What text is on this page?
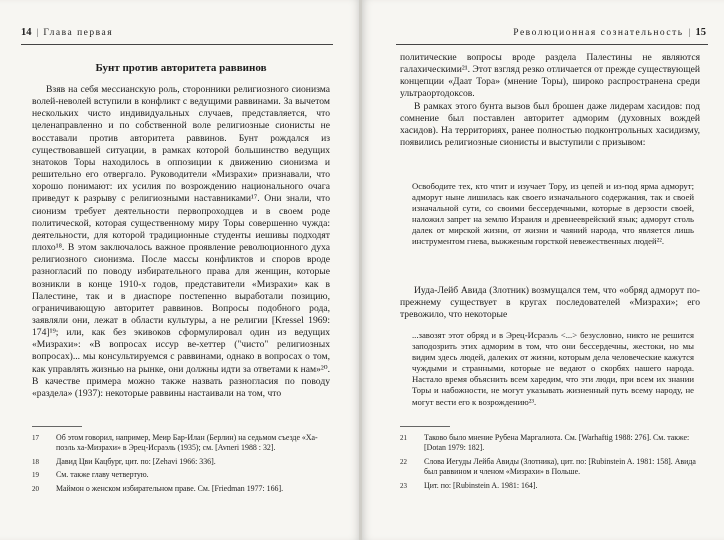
14 | Глава первая
Бунт против авторитета раввинов

Взяв на себя мессианскую роль, сторонники религиозного сионизма волей-неволей вступили в конфликт с ведущими раввинами. За вычетом нескольких чисто индивидуальных случаев, представляется, что целенаправленно и по собственной воле религиозные сионисты не восставали против авторитета раввинов. Бунт рождался из существовавшей ситуации, в рамках которой большинство ведущих знатоков Торы находилось в оппозиции к движению сионизма и решительно его отвергало. Руководители «Мизрахи» признавали, что хорошо понимают: их усилия по возрождению национального очага приведут к разрыву с религиозными наставниками¹⁷. Они знали, что сионизм требует деятельности первопроходцев и в своем роде политической, которая существенному миру Торы совершенно чужда: деятельности, для которой традиционные студенты иешивы подходят плохо¹⁸. В этом заключалось важное проявление революционного духа религиозного сионизма. После массы конфликтов и споров вроде разногласий по поводу избирательного права для женщин, которые возникли в конце 1910-х годов, представители «Мизрахи» как в Палестине, так и в диаспоре постепенно выработали позицию, ограничивающую авторитет раввинов. Вопросы подобного рода, заявляли они, лежат в области культуры, а не религии [Kressel 1969: 174]¹⁹; или, как без экивоков сформулировал один из ведущих «Мизрахи»: «В вопросах иссур ве-хеттер ("чисто" религиозных вопросах)... мы консультируемся с раввинами, однако в вопросах о том, как управлять жизнью на рынке, они должны идти за ответами к нам»²⁰. В качестве примера можно также назвать разногласия по поводу «раздела» (1937): некоторые раввины настаивали на том, что

17 Об этом говорил, например, Меир Бар-Илан (Берлин) на седьмом съезде «Ха-поэль ха-Мизрахи» в Эрец-Исраэль (1935); см. [Avneri 1988 : 32].
18 Давид Цви Кацбург, цит. по: [Zehavi 1966: 336].
19 См. также главу четвертую.
20 Маймон о женском избирательном праве. См. [Friedman 1977: 166].
Революционная сознательность | 15

политические вопросы вроде раздела Палестины не являются галахическими²¹. Этот взгляд резко отличается от прежде существующей концепции «Даат Тора» (мнение Торы), широко распространена среди ультраортодоксов.

В рамках этого бунта вызов был брошен даже лидерам хасидов: под сомнение был поставлен авторитет адморим (духовных вождей хасидов). На территориях, ранее полностью подконтрольных хасидизму, появились религиозные сионисты и выступили с призывом:

Освободите тех, кто чтит и изучает Тору, из цепей и из-под ярма адморут; адморут ныне лишилась как своего изначального содержания, так и своей изначальной сути, со своими бессердечными, которые в дерзости своей, наложил запрет на землю Израиля и древнееврейский язык; адморут столь далек от мирской жизни, от жизни и чаяний народа, что является лишь инструментом гнева, выжженым горсткой невежественных людей²².

Иуда-Лейб Авида (Злотник) возмущался тем, что «обряд адморут по-прежнему существует в кругах последователей «Мизрахи»; его тревожило, что некоторые

...завозят этот обряд и в Эрец-Исраэль <...> безусловно, никто не решится заподозрить этих адморим в том, что они бессердечны, жестоки, но мы видим здесь людей, далеких от жизни, которым дела человеческие кажутся чуждыми и странными, которые не ведают о скорбях нашего народа. Настало время объяснить всем харедим, что эти люди, при всем их знании Торы и набожности, не могут указывать жизненный путь всему народу, не могут вести его к возрождению²³.

21 Таково было мнение Рубена Маргалиота. См. [Warhaftig 1988: 276]. См. также: [Dotan 1979: 182].
22 Слова Иегуды Лейба Авиды (Злотника), цит. по: [Rubinstein A. 1981: 158]. Авида был раввином и членом «Мизрахи» в Польше.
23 Цит. по: [Rubinstein A. 1981: 164].
